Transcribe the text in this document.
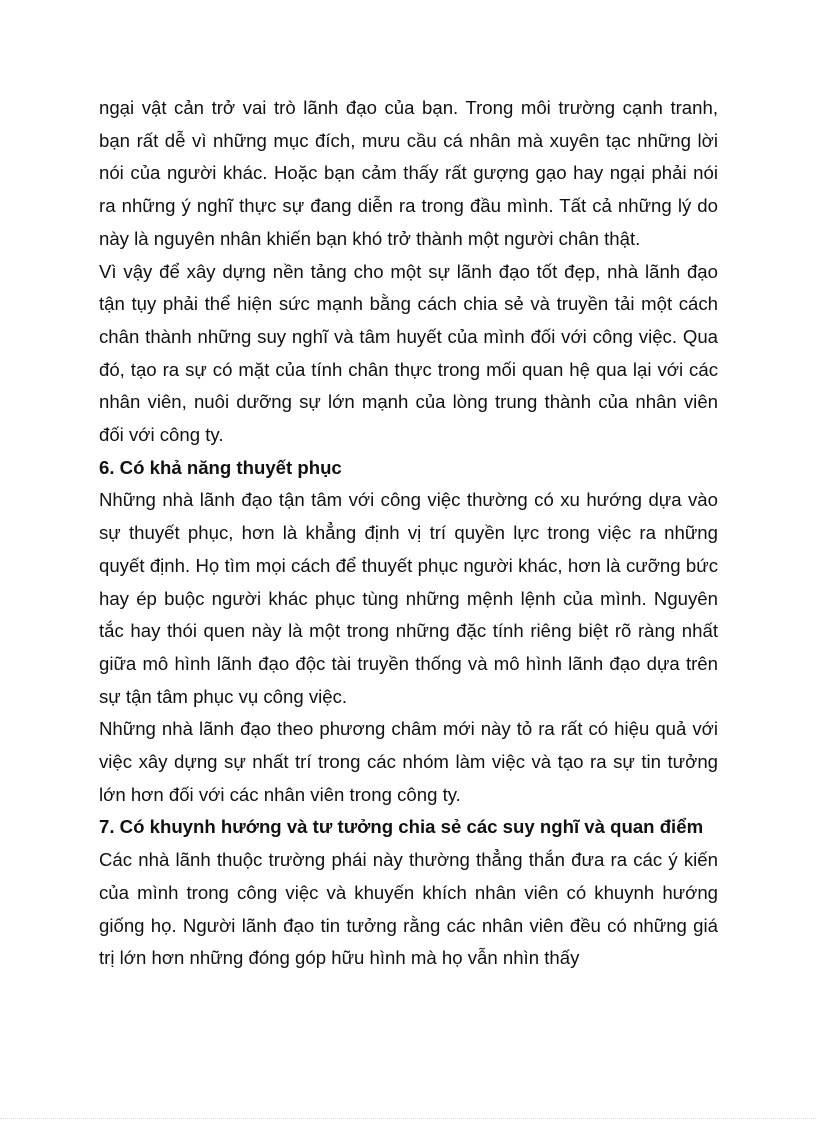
ngại vật cản trở vai trò lãnh đạo của bạn. Trong môi trường cạnh tranh, bạn rất dễ vì những mục đích, mưu cầu cá nhân mà xuyên tạc những lời nói của người khác. Hoặc bạn cảm thấy rất gượng gạo hay ngại phải nói ra những ý nghĩ thực sự đang diễn ra trong đầu mình. Tất cả những lý do này là nguyên nhân khiến bạn khó trở thành một người chân thật.

Vì vậy để xây dựng nền tảng cho một sự lãnh đạo tốt đẹp, nhà lãnh đạo tận tụy phải thể hiện sức mạnh bằng cách chia sẻ và truyền tải một cách chân thành những suy nghĩ và tâm huyết của mình đối với công việc. Qua đó, tạo ra sự có mặt của tính chân thực trong mối quan hệ qua lại với các nhân viên, nuôi dưỡng sự lớn mạnh của lòng trung thành của nhân viên đối với công ty.

6. Có khả năng thuyết phục

Những nhà lãnh đạo tận tâm với công việc thường có xu hướng dựa vào sự thuyết phục, hơn là khẳng định vị trí quyền lực trong việc ra những quyết định. Họ tìm mọi cách để thuyết phục người khác, hơn là cưỡng bức hay ép buộc người khác phục tùng những mệnh lệnh của mình. Nguyên tắc hay thói quen này là một trong những đặc tính riêng biệt rõ ràng nhất giữa mô hình lãnh đạo độc tài truyền thống và mô hình lãnh đạo dựa trên sự tận tâm phục vụ công việc.

Những nhà lãnh đạo theo phương châm mới này tỏ ra rất có hiệu quả với việc xây dựng sự nhất trí trong các nhóm làm việc và tạo ra sự tin tưởng lớn hơn đối với các nhân viên trong công ty.

7. Có khuynh hướng và tư tưởng chia sẻ các suy nghĩ và quan điểm

Các nhà lãnh thuộc trường phái này thường thẳng thắn đưa ra các ý kiến của mình trong công việc và khuyến khích nhân viên có khuynh hướng giống họ. Người lãnh đạo tin tưởng rằng các nhân viên đều có những giá trị lớn hơn những đóng góp hữu hình mà họ vẫn nhìn thấy
